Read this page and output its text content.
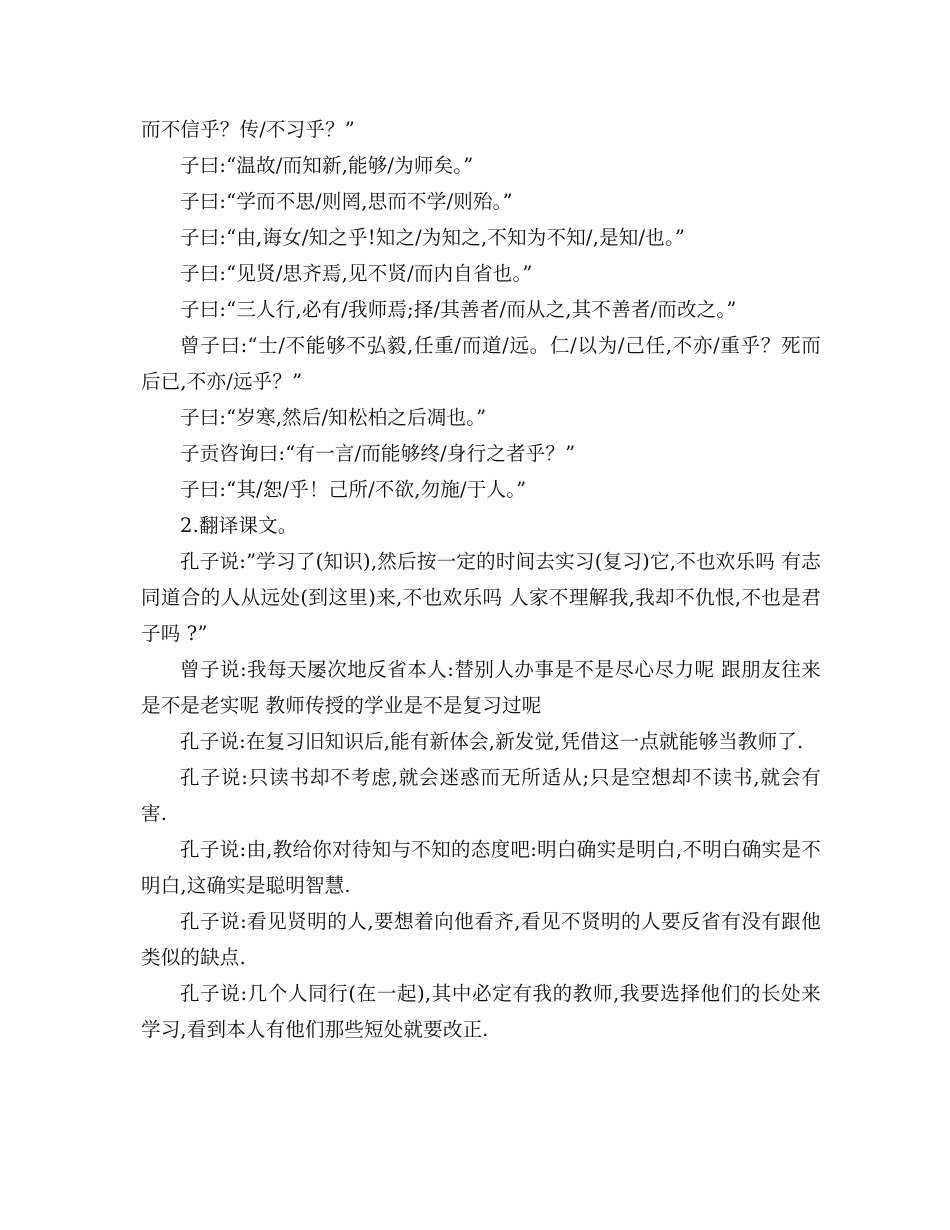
而不信乎？传/不习乎？”

子曰:“温故/而知新,能够/为师矣。”

子曰:“学而不思/则罔,思而不学/则殆。”

子曰:“由,诲女/知之乎!知之/为知之,不知为不知/,是知/也。”

子曰:“见贤/思齐焉,见不贤/而内自省也。”

子曰:“三人行,必有/我师焉;择/其善者/而从之,其不善者/而改之。”

曾子曰:“士/不能够不弘毅,任重/而道/远。仁/以为/己任,不亦/重乎？死而后已,不亦/远乎？”

子曰:“岁寒,然后/知松柏之后凋也。”

子贡咨询曰:“有一言/而能够终/身行之者乎？”

子曰:“其/恕/乎！己所/不欲,勿施/于人。”

2.翻译课文。

孔子说:”学习了(知识),然后按一定的时间去实习(复习)它,不也欢乐吗 有志同道合的人从远处(到这里)来,不也欢乐吗 人家不理解我,我却不仇恨,不也是君子吗 ?”

曾子说:我每天屡次地反省本人:替别人办事是不是尽心尽力呢 跟朋友往来是不是老实呢 教师传授的学业是不是复习过呢

孔子说:在复习旧知识后,能有新体会,新发觉,凭借这一点就能够当教师了.

孔子说:只读书却不考虑,就会迷惑而无所适从;只是空想却不读书,就会有害.

孔子说:由,教给你对待知与不知的态度吧:明白确实是明白,不明白确实是不明白,这确实是聪明智慧.

孔子说:看见贤明的人,要想着向他看齐,看见不贤明的人要反省有没有跟他类似的缺点.

孔子说:几个人同行(在一起),其中必定有我的教师,我要选择他们的长处来学习,看到本人有他们那些短处就要改正.
